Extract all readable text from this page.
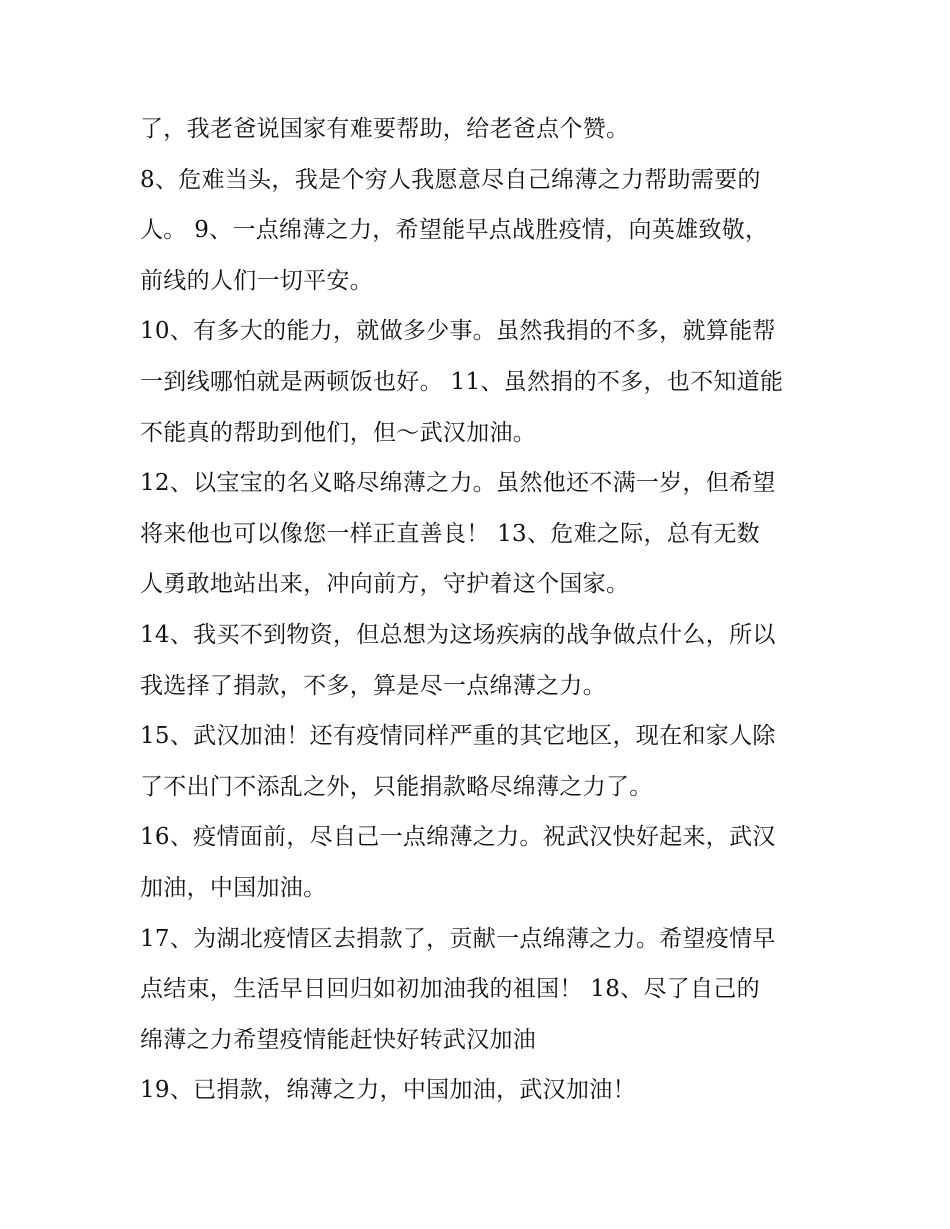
了，我老爸说国家有难要帮助，给老爸点个赞。
8、危难当头，我是个穷人我愿意尽自己绵薄之力帮助需要的
人。 9、一点绵薄之力，希望能早点战胜疫情，向英雄致敬，
前线的人们一切平安。
10、有多大的能力，就做多少事。虽然我捐的不多，就算能帮
一到线哪怕就是两顿饭也好。 11、虽然捐的不多，也不知道能
不能真的帮助到他们，但～武汉加油。
12、以宝宝的名义略尽绵薄之力。虽然他还不满一岁，但希望
将来他也可以像您一样正直善良！ 13、危难之际，总有无数
人勇敢地站出来，冲向前方，守护着这个国家。
14、我买不到物资，但总想为这场疾病的战争做点什么，所以
我选择了捐款，不多，算是尽一点绵薄之力。
15、武汉加油！还有疫情同样严重的其它地区，现在和家人除
了不出门不添乱之外，只能捐款略尽绵薄之力了。
16、疫情面前，尽自己一点绵薄之力。祝武汉快好起来，武汉
加油，中国加油。
17、为湖北疫情区去捐款了，贡献一点绵薄之力。希望疫情早
点结束，生活早日回归如初加油我的祖国！ 18、尽了自己的
绵薄之力希望疫情能赶快好转武汉加油
19、已捐款，绵薄之力，中国加油，武汉加油！
